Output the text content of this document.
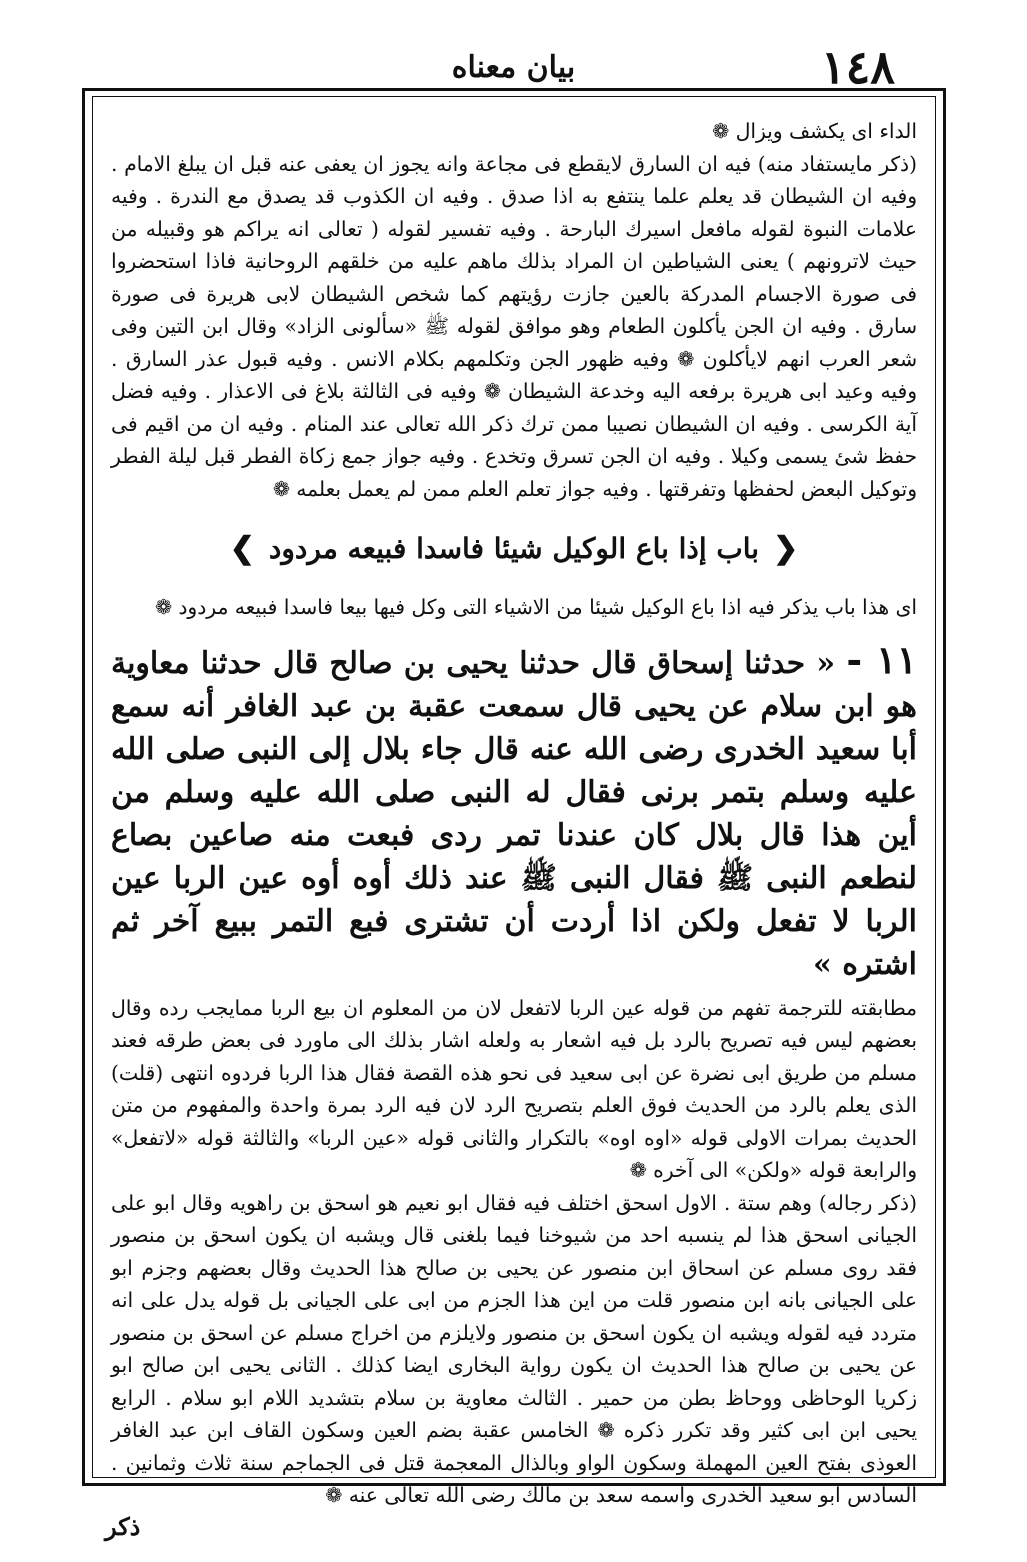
١٤٨
بيان معناه

الداء اى يكشف ويزال ❁

(ذكر مايستفاد منه) فيه ان السارق لايقطع فى مجاعة وانه يجوز ان يعفى عنه قبل ان يبلغ الامام . وفيه ان الشيطان قد يعلم علما ينتفع به اذا صدق . وفيه ان الكذوب قد يصدق مع الندرة . وفيه علامات النبوة لقوله مافعل اسيرك البارحة . وفيه تفسير لقوله ( تعالى انه يراكم هو وقبيله من حيث لاترونهم ) يعنى الشياطين ان المراد بذلك ماهم عليه من خلقهم الروحانية فاذا استحضروا فى صورة الاجسام المدركة بالعين جازت رؤيتهم كما شخص الشيطان لابى هريرة فى صورة سارق . وفيه ان الجن يأكلون الطعام وهو موافق لقوله ﷺ «سألونى الزاد» وقال ابن التين وفى شعر العرب انهم لايأكلون ❁ وفيه ظهور الجن وتكلمهم بكلام الانس . وفيه قبول عذر السارق . وفيه وعيد ابى هريرة برفعه اليه وخدعة الشيطان ❁ وفيه فى الثالثة بلاغ فى الاعذار . وفيه فضل آية الكرسى . وفيه ان الشيطان نصيبا ممن ترك ذكر الله تعالى عند المنام . وفيه ان من اقيم فى حفظ شئ يسمى وكيلا . وفيه ان الجن تسرق وتخدع . وفيه جواز جمع زكاة الفطر قبل ليلة الفطر وتوكيل البعض لحفظها وتفرقتها . وفيه جواز تعلم العلم ممن لم يعمل بعلمه ❁

❮
باب إذا باع الوكيل شيئا فاسدا فبيعه مردود
❯

اى هذا باب يذكر فيه اذا باع الوكيل شيئا من الاشياء التى وكل فيها بيعا فاسدا فبيعه مردود ❁

١١ - « حدثنا إسحاق قال حدثنا يحيى بن صالح قال حدثنا معاوية هو ابن سلام عن يحيى قال سمعت عقبة بن عبد الغافر أنه سمع أبا سعيد الخدرى رضى الله عنه قال جاء بلال إلى النبى صلى الله عليه وسلم بتمر برنى فقال له النبى صلى الله عليه وسلم من أين هذا قال بلال كان عندنا تمر ردى فبعت منه صاعين بصاع لنطعم النبى ﷺ فقال النبى ﷺ عند ذلك أوه أوه عين الربا عين الربا لا تفعل ولكن اذا أردت أن تشترى فبع التمر ببيع آخر ثم اشتره »

مطابقته للترجمة تفهم من قوله عين الربا لاتفعل لان من المعلوم ان بيع الربا ممايجب رده وقال بعضهم ليس فيه تصريح بالرد بل فيه اشعار به ولعله اشار بذلك الى ماورد فى بعض طرقه فعند مسلم من طريق ابى نضرة عن ابى سعيد فى نحو هذه القصة فقال هذا الربا فردوه انتهى (قلت) الذى يعلم بالرد من الحديث فوق العلم بتصريح الرد لان فيه الرد بمرة واحدة والمفهوم من متن الحديث بمرات الاولى قوله «اوه اوه» بالتكرار والثانى قوله «عين الربا» والثالثة قوله «لاتفعل» والرابعة قوله «ولكن» الى آخره ❁

(ذكر رجاله) وهم ستة . الاول اسحق اختلف فيه فقال ابو نعيم هو اسحق بن راهويه وقال ابو على الجيانى اسحق هذا لم ينسبه احد من شيوخنا فيما بلغنى قال ويشبه ان يكون اسحق بن منصور فقد روى مسلم عن اسحاق ابن منصور عن يحيى بن صالح هذا الحديث وقال بعضهم وجزم ابو على الجيانى بانه ابن منصور قلت من اين هذا الجزم من ابى على الجيانى بل قوله يدل على انه متردد فيه لقوله ويشبه ان يكون اسحق بن منصور ولايلزم من اخراج مسلم عن اسحق بن منصور عن يحيى بن صالح هذا الحديث ان يكون رواية البخارى ايضا كذلك . الثانى يحيى ابن صالح ابو زكريا الوحاظى ووحاظ بطن من حمير . الثالث معاوية بن سلام بتشديد اللام ابو سلام . الرابع يحيى ابن ابى كثير وقد تكرر ذكره ❁ الخامس عقبة بضم العين وسكون القاف ابن عبد الغافر العوذى بفتح العين المهملة وسكون الواو وبالذال المعجمة قتل فى الجماجم سنة ثلاث وثمانين . السادس ابو سعيد الخدرى واسمه سعد بن مالك رضى الله تعالى عنه ❁

ذكر
